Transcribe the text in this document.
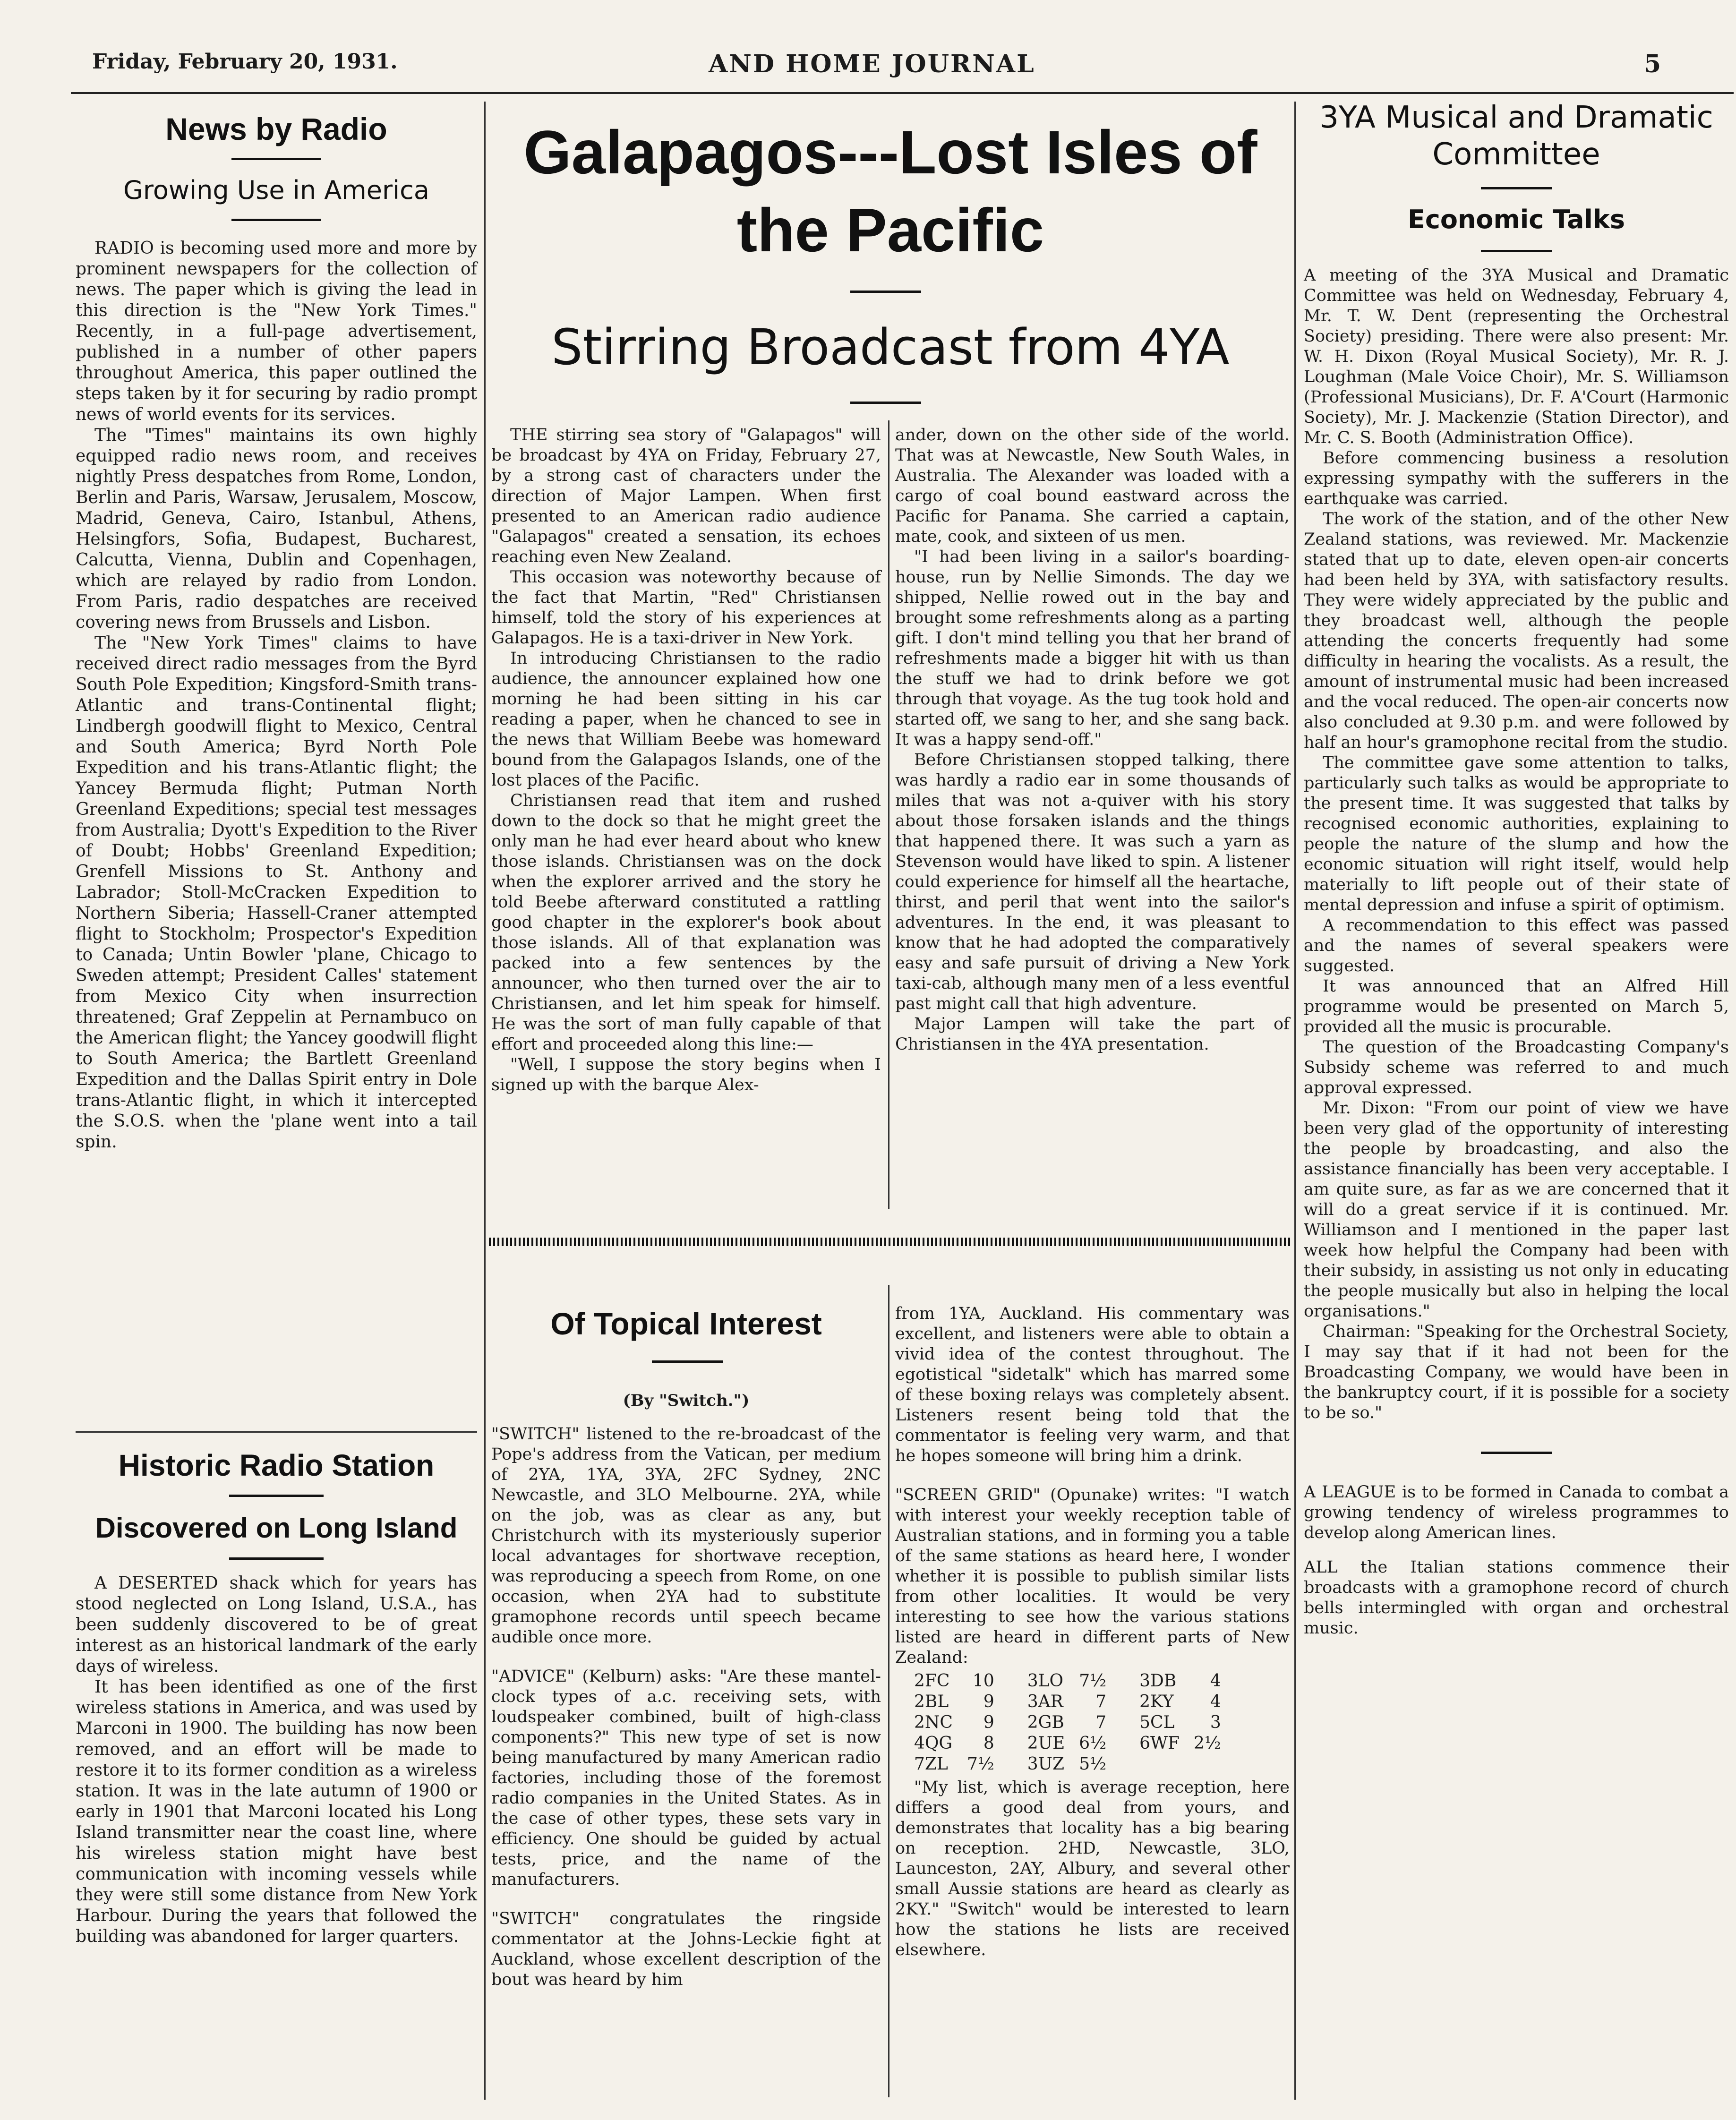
Friday, February 20, 1931.	AND HOME JOURNAL	5
News by Radio
Growing Use in America

RADIO is becoming used more and more by prominent newspapers for the collection of news. The paper which is giving the lead in this direction is the "New York Times." Recently, in a full-page advertisement, published in a number of other papers throughout America, this paper outlined the steps taken by it for securing by radio prompt news of world events for its services.

The "Times" maintains its own highly equipped radio news room, and receives nightly Press despatches from Rome, London, Berlin and Paris, Warsaw, Jerusalem, Moscow, Madrid, Geneva, Cairo, Istanbul, Athens, Helsingfors, Sofia, Budapest, Bucharest, Calcutta, Vienna, Dublin and Copenhagen, which are relayed by radio from London. From Paris, radio despatches are received covering news from Brussels and Lisbon.

The "New York Times" claims to have received direct radio messages from the Byrd South Pole Expedition; Kingsford-Smith trans-Atlantic and trans-Continental flight; Lindbergh goodwill flight to Mexico, Central and South America; Byrd North Pole Expedition and his trans-Atlantic flight; the Yancey Bermuda flight; Putman North Greenland Expeditions; special test messages from Australia; Dyott's Expedition to the River of Doubt; Hobbs' Greenland Expedition; Grenfell Missions to St. Anthony and Labrador; Stoll-McCracken Expedition to Northern Siberia; Hassell-Craner attempted flight to Stockholm; Prospector's Expedition to Canada; Untin Bowler 'plane, Chicago to Sweden attempt; President Calles' statement from Mexico City when insurrection threatened; Graf Zeppelin at Pernambuco on the American flight; the Yancey goodwill flight to South America; the Bartlett Greenland Expedition and the Dallas Spirit entry in Dole trans-Atlantic flight, in which it intercepted the S.O.S. when the 'plane went into a tail spin.

Historic Radio Station
Discovered on Long Island

A DESERTED shack which for years has stood neglected on Long Island, U.S.A., has been suddenly discovered to be of great interest as an historical landmark of the early days of wireless.

It has been identified as one of the first wireless stations in America, and was used by Marconi in 1900. The building has now been removed, and an effort will be made to restore it to its former condition as a wireless station. It was in the late autumn of 1900 or early in 1901 that Marconi located his Long Island transmitter near the coast line, where his wireless station might have best communication with incoming vessels while they were still some distance from New York Harbour. During the years that followed the building was abandoned for larger quarters.

Galapagos---Lost Isles of the Pacific
Stirring Broadcast from 4YA

THE stirring sea story of "Galapagos" will be broadcast by 4YA on Friday, February 27, by a strong cast of characters under the direction of Major Lampen. When first presented to an American radio audience "Galapagos" created a sensation, its echoes reaching even New Zealand.

This occasion was noteworthy because of the fact that Martin, "Red" Christiansen himself, told the story of his experiences at Galapagos. He is a taxi-driver in New York.

In introducing Christiansen to the radio audience, the announcer explained how one morning he had been sitting in his car reading a paper, when he chanced to see in the news that William Beebe was homeward bound from the Galapagos Islands, one of the lost places of the Pacific.

Christiansen read that item and rushed down to the dock so that he might greet the only man he had ever heard about who knew those islands. Christiansen was on the dock when the explorer arrived and the story he told Beebe afterward constituted a rattling good chapter in the explorer's book about those islands. All of that explanation was packed into a few sentences by the announcer, who then turned over the air to Christiansen, and let him speak for himself. He was the sort of man fully capable of that effort and proceeded along this line:—

"Well, I suppose the story begins when I signed up with the barque Alex-

ander, down on the other side of the world. That was at Newcastle, New South Wales, in Australia. The Alexander was loaded with a cargo of coal bound eastward across the Pacific for Panama. She carried a captain, mate, cook, and sixteen of us men.

"I had been living in a sailor's boarding-house, run by Nellie Simonds. The day we shipped, Nellie rowed out in the bay and brought some refreshments along as a parting gift. I don't mind telling you that her brand of refreshments made a bigger hit with us than the stuff we had to drink before we got through that voyage. As the tug took hold and started off, we sang to her, and she sang back. It was a happy send-off."

Before Christiansen stopped talking, there was hardly a radio ear in some thousands of miles that was not a-quiver with his story about those forsaken islands and the things that happened there. It was such a yarn as Stevenson would have liked to spin. A listener could experience for himself all the heartache, thirst, and peril that went into the sailor's adventures. In the end, it was pleasant to know that he had adopted the comparatively easy and safe pursuit of driving a New York taxi-cab, although many men of a less eventful past might call that high adventure.

Major Lampen will take the part of Christiansen in the 4YA presentation.

Of Topical Interest
(By "Switch.")

"SWITCH" listened to the re-broadcast of the Pope's address from the Vatican, per medium of 2YA, 1YA, 3YA, 2FC Sydney, 2NC Newcastle, and 3LO Melbourne. 2YA, while on the job, was as clear as any, but Christchurch with its mysteriously superior local advantages for shortwave reception, was reproducing a speech from Rome, on one occasion, when 2YA had to substitute gramophone records until speech became audible once more.

"ADVICE" (Kelburn) asks: "Are these mantel-clock types of a.c. receiving sets, with loudspeaker combined, built of high-class components?" This new type of set is now being manufactured by many American radio factories, including those of the foremost radio companies in the United States. As in the case of other types, these sets vary in efficiency. One should be guided by actual tests, price, and the name of the manufacturers.

"SWITCH" congratulates the ringside commentator at the Johns-Leckie fight at Auckland, whose excellent description of the bout was heard by him

from 1YA, Auckland. His commentary was excellent, and listeners were able to obtain a vivid idea of the contest throughout. The egotistical "sidetalk" which has marred some of these boxing relays was completely absent. Listeners resent being told that the commentator is feeling very warm, and that he hopes someone will bring him a drink.

"SCREEN GRID" (Opunake) writes: "I watch with interest your weekly reception table of Australian stations, and in forming you a table of the same stations as heard here, I wonder whether it is possible to publish similar lists from other localities. It would be very interesting to see how the various stations listed are heard in different parts of New Zealand:

2FC	10	3LO	7½	3DB	4
2BL	9	3AR	7	2KY	4
2NC	9	2GB	7	5CL	3
4QG	8	2UE	6½	6WF	2½
7ZL	7½	3UZ	5½		

"My list, which is average reception, here differs a good deal from yours, and demonstrates that locality has a big bearing on reception. 2HD, Newcastle, 3LO, Launceston, 2AY, Albury, and several other small Aussie stations are heard as clearly as 2KY." "Switch" would be interested to learn how the stations he lists are received elsewhere.

3YA Musical and Dramatic Committee
Economic Talks

A meeting of the 3YA Musical and Dramatic Committee was held on Wednesday, February 4, Mr. T. W. Dent (representing the Orchestral Society) presiding. There were also present: Mr. W. H. Dixon (Royal Musical Society), Mr. R. J. Loughman (Male Voice Choir), Mr. S. Williamson (Professional Musicians), Dr. F. A'Court (Harmonic Society), Mr. J. Mackenzie (Station Director), and Mr. C. S. Booth (Administration Office).

Before commencing business a resolution expressing sympathy with the sufferers in the earthquake was carried.

The work of the station, and of the other New Zealand stations, was reviewed. Mr. Mackenzie stated that up to date, eleven open-air concerts had been held by 3YA, with satisfactory results. They were widely appreciated by the public and they broadcast well, although the people attending the concerts frequently had some difficulty in hearing the vocalists. As a result, the amount of instrumental music had been increased and the vocal reduced. The open-air concerts now also concluded at 9.30 p.m. and were followed by half an hour's gramophone recital from the studio.

The committee gave some attention to talks, particularly such talks as would be appropriate to the present time. It was suggested that talks by recognised economic authorities, explaining to people the nature of the slump and how the economic situation will right itself, would help materially to lift people out of their state of mental depression and infuse a spirit of optimism.

A recommendation to this effect was passed and the names of several speakers were suggested.

It was announced that an Alfred Hill programme would be presented on March 5, provided all the music is procurable.

The question of the Broadcasting Company's Subsidy scheme was referred to and much approval expressed.

Mr. Dixon: "From our point of view we have been very glad of the opportunity of interesting the people by broadcasting, and also the assistance financially has been very acceptable. I am quite sure, as far as we are concerned that it will do a great service if it is continued. Mr. Williamson and I mentioned in the paper last week how helpful the Company had been with their subsidy, in assisting us not only in educating the people musically but also in helping the local organisations."

Chairman: "Speaking for the Orchestral Society, I may say that if it had not been for the Broadcasting Company, we would have been in the bankruptcy court, if it is possible for a society to be so."

A LEAGUE is to be formed in Canada to combat a growing tendency of wireless programmes to develop along American lines.

ALL the Italian stations commence their broadcasts with a gramophone record of church bells intermingled with organ and orchestral music.
